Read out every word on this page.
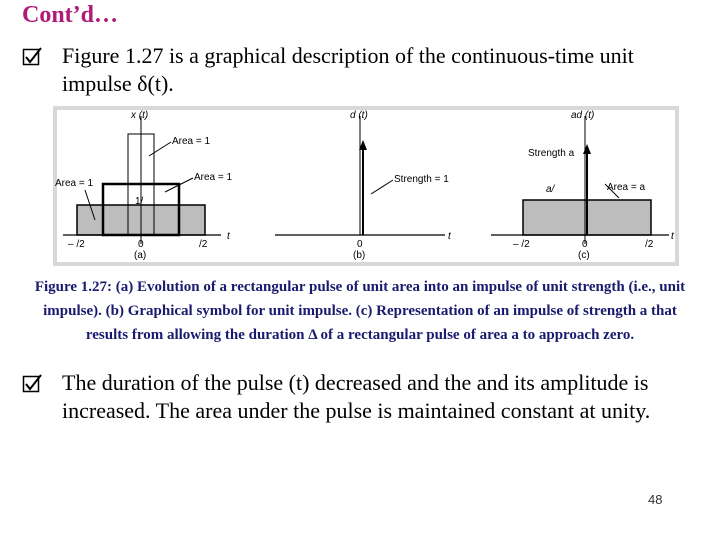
Cont’d…
Figure 1.27 is a graphical description of the continuous-time unit impulse δ(t).
x (t)
Area = 1
Area = 1
Area = 1
1/
– /2	0	/2
t
(a)
d (t)
Strength = 1
0
t
(b)
ad (t)
Strength a
a/	Area = a
– /2	0	/2
t
(c)
Figure 1.27: (a) Evolution of a rectangular pulse of unit area into an impulse of unit strength (i.e., unit impulse). (b) Graphical symbol for unit impulse. (c) Representation of an impulse of strength a that results from allowing the duration Δ of a rectangular pulse of area a to approach zero.
The duration of the pulse (t) decreased and the and its amplitude is increased. The area under the pulse is maintained constant at unity.
48
